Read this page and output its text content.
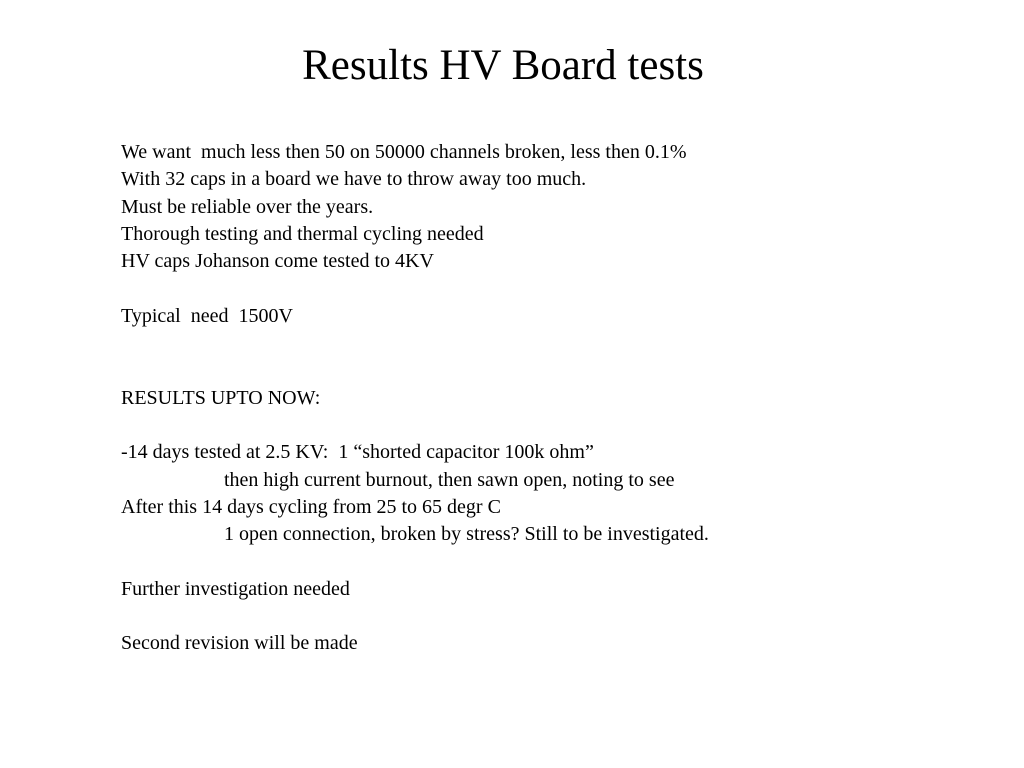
Results HV Board tests
We want  much less then 50 on 50000 channels broken, less then 0.1%
With 32 caps in a board we have to throw away too much.
Must be reliable over the years.
Thorough testing and thermal cycling needed
HV caps Johanson come tested to 4KV
Typical  need  1500V
RESULTS UPTO NOW:
-14 days tested at 2.5 KV:  1 “shorted capacitor 100k ohm”
then high current burnout, then sawn open, noting to see
After this 14 days cycling from 25 to 65 degr C
1 open connection, broken by stress? Still to be investigated.
Further investigation needed
Second revision will be made
